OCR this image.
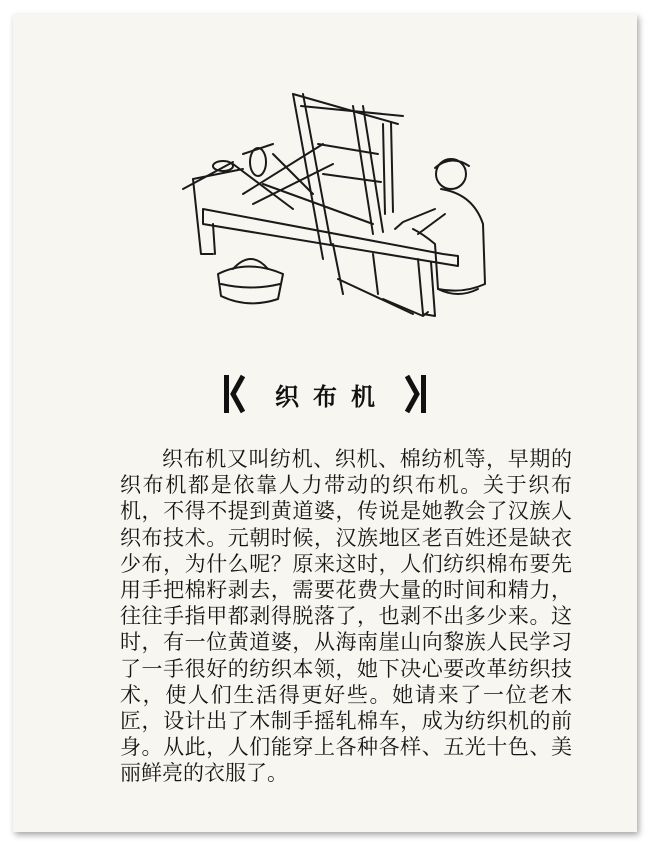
织布机

织布机又叫纺机、织机、棉纺机等，早期的织布机都是依靠人力带动的织布机。关于织布机，不得不提到黄道婆，传说是她教会了汉族人织布技术。元朝时候，汉族地区老百姓还是缺衣少布，为什么呢？原来这时，人们纺织棉布要先用手把棉籽剥去，需要花费大量的时间和精力，往往手指甲都剥得脱落了，也剥不出多少来。这时，有一位黄道婆，从海南崖山向黎族人民学习了一手很好的纺织本领，她下决心要改革纺织技术，使人们生活得更好些。她请来了一位老木匠，设计出了木制手摇轧棉车，成为纺织机的前身。从此，人们能穿上各种各样、五光十色、美丽鲜亮的衣服了。
